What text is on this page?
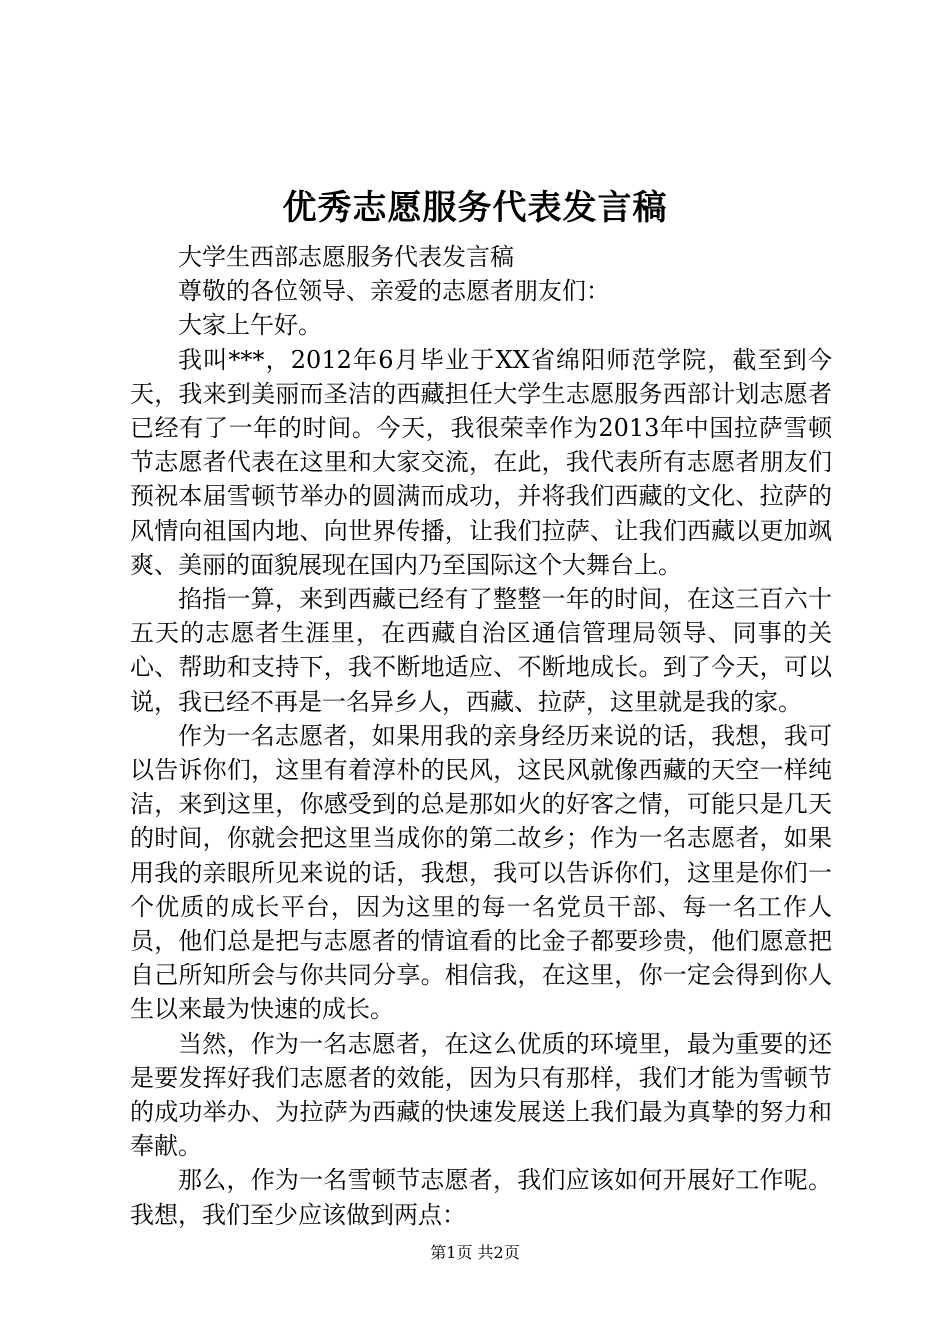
优秀志愿服务代表发言稿

大学生西部志愿服务代表发言稿

尊敬的各位领导、亲爱的志愿者朋友们：

大家上午好。

我叫***，2012年6月毕业于XX省绵阳师范学院，截至到今天，我来到美丽而圣洁的西藏担任大学生志愿服务西部计划志愿者已经有了一年的时间。今天，我很荣幸作为2013年中国拉萨雪顿节志愿者代表在这里和大家交流，在此，我代表所有志愿者朋友们预祝本届雪顿节举办的圆满而成功，并将我们西藏的文化、拉萨的风情向祖国内地、向世界传播，让我们拉萨、让我们西藏以更加飒爽、美丽的面貌展现在国内乃至国际这个大舞台上。

掐指一算，来到西藏已经有了整整一年的时间，在这三百六十五天的志愿者生涯里，在西藏自治区通信管理局领导、同事的关心、帮助和支持下，我不断地适应、不断地成长。到了今天，可以说，我已经不再是一名异乡人，西藏、拉萨，这里就是我的家。

作为一名志愿者，如果用我的亲身经历来说的话，我想，我可以告诉你们，这里有着淳朴的民风，这民风就像西藏的天空一样纯洁，来到这里，你感受到的总是那如火的好客之情，可能只是几天的时间，你就会把这里当成你的第二故乡；作为一名志愿者，如果用我的亲眼所见来说的话，我想，我可以告诉你们，这里是你们一个优质的成长平台，因为这里的每一名党员干部、每一名工作人员，他们总是把与志愿者的情谊看的比金子都要珍贵，他们愿意把自己所知所会与你共同分享。相信我，在这里，你一定会得到你人生以来最为快速的成长。

当然，作为一名志愿者，在这么优质的环境里，最为重要的还是要发挥好我们志愿者的效能，因为只有那样，我们才能为雪顿节的成功举办、为拉萨为西藏的快速发展送上我们最为真挚的努力和奉献。

那么，作为一名雪顿节志愿者，我们应该如何开展好工作呢。我想，我们至少应该做到两点：

第1页 共2页
